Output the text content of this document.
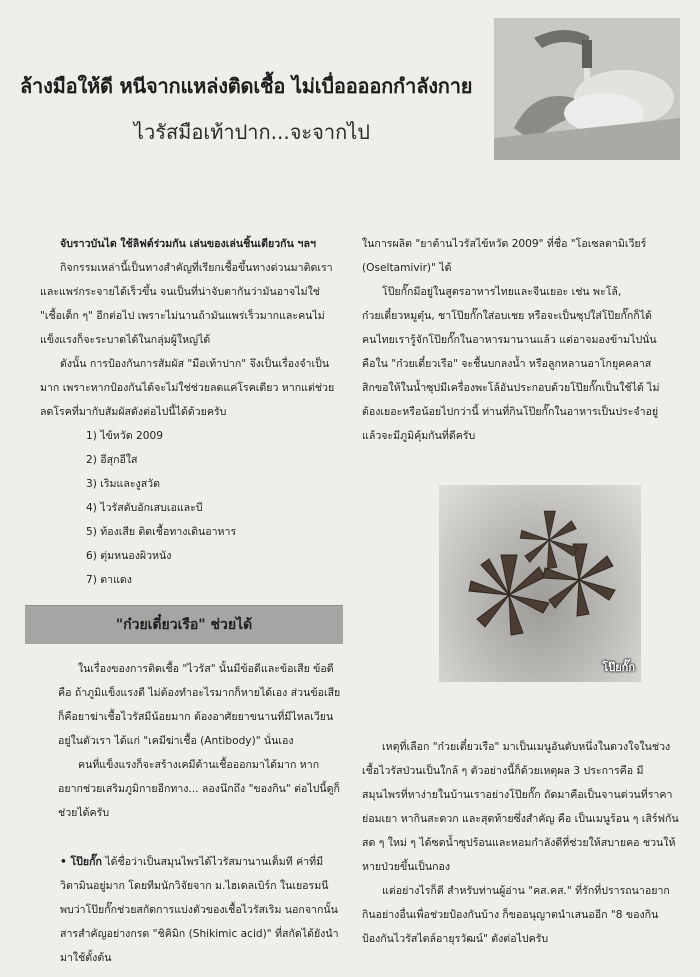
ล้างมือให้ดี หนีจากแหล่งติดเชื้อ ไม่เบื่ออออกกำลังกาย
ไวรัสมือเท้าปาก...จะจากไป

จับราวบันได ใช้ลิฟต์ร่วมกัน เล่นของเล่นชิ้นเดียวกัน ฯลฯ

กิจกรรมเหล่านี้เป็นทางสำคัญที่เรียกเชื้อขึ้นทางด่วนมาติดเราและแพร่กระจายได้เร็วขึ้น จนเป็นที่น่าจับตากันว่ามันอาจไม่ใช่ "เชื้อเด็ก ๆ" อีกต่อไป เพราะไม่นานถ้ามันแพร่เร็วมากและคนไม่แข็งแรงก็จะระบาดได้ในกลุ่มผู้ใหญ่ได้

ดังนั้น การป้องกันการสัมผัส "มือเท้าปาก" จึงเป็นเรื่องจำเป็นมาก เพราะหากป้องกันได้จะไม่ใช่ช่วยลดแค่โรคเดียว หากแต่ช่วยลดโรคที่มากับสัมผัสดังต่อไปนี้ได้ด้วยครับ

1) ไข้หวัด 2009
2) อีสุกอีใส
3) เริมและงูสวัด
4) ไวรัสตับอักเสบเอและบี
5) ท้องเสีย ติดเชื้อทางเดินอาหาร
6) ตุ่มหนองผิวหนัง
7) ตาแดง
"ก๋วยเตี๋ยวเรือ" ช่วยได้

ในเรื่องของการติดเชื้อ "ไวรัส" นั้นมีข้อดีและข้อเสีย ข้อดีคือ ถ้าภูมิแข็งแรงดี ไม่ต้องทำอะไรมากก็หายได้เอง ส่วนข้อเสียก็คือยาฆ่าเชื้อไวรัสมีน้อยมาก ต้องอาศัยยาขนานที่มีไหลเวียนอยู่ในตัวเรา ได้แก่ "เคมีฆ่าเชื้อ (Antibody)" นั่นเอง

คนที่แข็งแรงก็จะสร้างเคมีต้านเชื้อออกมาได้มาก หากอยากช่วยเสริมภูมิกายอีกทาง... ลองนึกถึง "ของกิน" ต่อไปนี้ดูก็ช่วยได้ครับ

• โป๊ยกั๊ก ได้ชื่อว่าเป็นสมุนไพรได้ไวรัสมานานเต็มที ค่าที่มีวิตามินอยู่มาก โดยทีมนักวิจัยจาก ม.ไฮเดลเบิร์ก ในเยอรมนี พบว่าโป๊ยกั๊กช่วยสกัดการแบ่งตัวของเชื้อไวรัสเริม นอกจากนั้นสารสำคัญอย่างกรด "ชิคิมิก (Shikimic acid)" ที่สกัดได้ยังนำมาใช้ตั้งต้น

ในการผลิต "ยาต้านไวรัสไข้หวัด 2009" ที่ชื่อ "โอเซลตามิเวียร์ (Oseltamivir)" ได้

โป๊ยกั๊กมีอยู่ในสูตรอาหารไทยและจีนเยอะ เช่น พะโล้, ก๋วยเตี๋ยวหมูตุ๋น, ชาโป๊ยกั๊กใส่อบเชย หรือจะเป็นซุปใส่โป๊ยกั๊กก็ได้ คนไทยเรารู้จักโป๊ยกั๊กในอาหารมานานแล้ว แต่อาจมองข้ามไปนั่นคือใน "ก๋วยเตี๋ยวเรือ" จะชื้นบกลงน้ำ หรือลูกหลานอาโกยุคคลาสสิกขอให้ในน้ำซุปมีเครื่องพะโล้อันประกอบด้วยโป๊ยกั๊กเป็นใช้ได้ ไม่ต้องเยอะหรือน้อยไปกว่านี้ ท่านที่กินโป๊ยกั๊กในอาหารเป็นประจำอยู่แล้วจะมีภูมิคุ้มกันที่ดีครับ

โป๊ยกั๊ก

เหตุที่เลือก "ก๋วยเตี๋ยวเรือ" มาเป็นเมนูอันดับหนึ่งในดวงใจในช่วงเชื้อไวรัสป่วนเป็นใกล้ ๆ ตัวอย่างนี้ก็ด้วยเหตุผล 3 ประการคือ มีสมุนไพรที่หาง่ายในบ้านเราอย่างโป๊ยกั๊ก ถัดมาคือเป็นจานด่วนที่ราคาย่อมเยา หากินสะดวก และสุดท้ายซึ่งสำคัญ คือ เป็นเมนูร้อน ๆ เสิร์ฟกันสด ๆ ใหม่ ๆ ได้ซดน้ำซุปร้อนและหอมกำลังดีที่ช่วยให้สบายคอ ชวนให้หายป่วยขึ้นเป็นกอง

แต่อย่างไรก็ดี สำหรับท่านผู้อ่าน "คส.คส." ที่รักที่ปรารถนาอยากกินอย่างอื่นเพื่อช่วยป้องกันบ้าง ก็ขออนุญาตนำเสนออีก "8 ของกินป้องกันไวรัสไตล์อายุรวัฒน์" ดังต่อไปครับ
